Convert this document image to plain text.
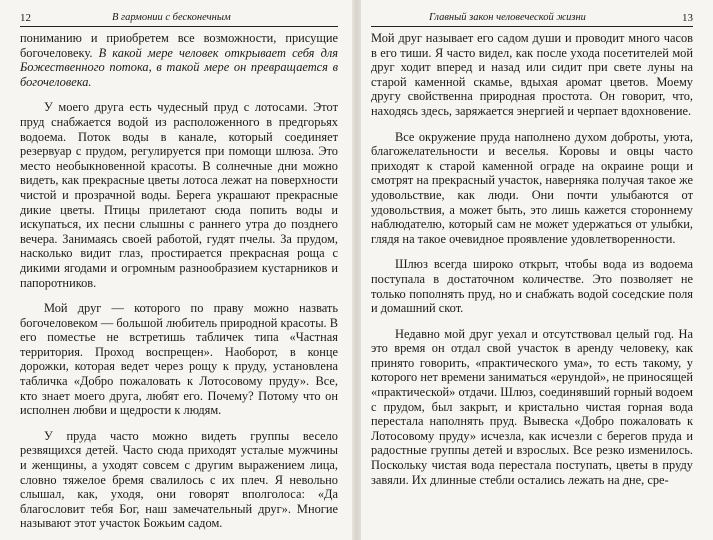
12	В гармонии с бесконечным

пониманию и приобретем все возможности, присущие богочеловеку. В какой мере человек открывает себя для Божественного потока, в такой мере он превращается в богочеловека.

У моего друга есть чудесный пруд с лотосами. Этот пруд снабжается водой из расположенного в предгорьях водоема. Поток воды в канале, который соединяет резервуар с прудом, регулируется при помощи шлюза. Это место необыкновенной красоты. В солнечные дни можно видеть, как прекрасные цветы лотоса лежат на поверхности чистой и прозрачной воды. Берега украшают прекрасные дикие цветы. Птицы прилетают сюда попить воды и искупаться, их песни слышны с раннего утра до позднего вечера. Занимаясь своей работой, гудят пчелы. За прудом, насколько видит глаз, простирается прекрасная роща с дикими ягодами и огромным разнообразием кустарников и папоротников.

Мой друг — которого по праву можно назвать богочеловеком — большой любитель природной красоты. В его поместье не встретишь табличек типа «Частная территория. Проход воспрещен». Наоборот, в конце дорожки, которая ведет через рощу к пруду, установлена табличка «Добро пожаловать к Лотосовому пруду». Все, кто знает моего друга, любят его. Почему? Потому что он исполнен любви и щедрости к людям.

У пруда часто можно видеть группы весело резвящихся детей. Часто сюда приходят усталые мужчины и женщины, а уходят совсем с другим выражением лица, словно тяжелое бремя свалилось с их плеч. Я невольно слышал, как, уходя, они говорят вполголоса: «Да благословит тебя Бог, наш замечательный друг». Многие называют этот участок Божьим садом.

Главный закон человеческой жизни	13

Мой друг называет его садом души и проводит много часов в его тиши. Я часто видел, как после ухода посетителей мой друг ходит вперед и назад или сидит при свете луны на старой каменной скамье, вдыхая аромат цветов. Моему другу свойственна природная простота. Он говорит, что, находясь здесь, заряжается энергией и черпает вдохновение.

Все окружение пруда наполнено духом доброты, уюта, благожелательности и веселья. Коровы и овцы часто приходят к старой каменной ограде на окраине рощи и смотрят на прекрасный участок, наверняка получая такое же удовольствие, как люди. Они почти улыбаются от удовольствия, а может быть, это лишь кажется стороннему наблюдателю, который сам не может удержаться от улыбки, глядя на такое очевидное проявление удовлетворенности.

Шлюз всегда широко открыт, чтобы вода из водоема поступала в достаточном количестве. Это позволяет не только пополнять пруд, но и снабжать водой соседские поля и домашний скот.

Недавно мой друг уехал и отсутствовал целый год. На это время он отдал свой участок в аренду человеку, как принято говорить, «практического ума», то есть такому, у которого нет времени заниматься «ерундой», не приносящей «практической» отдачи. Шлюз, соединявший горный водоем с прудом, был закрыт, и кристально чистая горная вода перестала наполнять пруд. Вывеска «Добро пожаловать к Лотосовому пруду» исчезла, как исчезли с берегов пруда и радостные группы детей и взрослых. Все резко изменилось. Поскольку чистая вода перестала поступать, цветы в пруду завяли. Их длинные стебли остались лежать на дне, сре-
